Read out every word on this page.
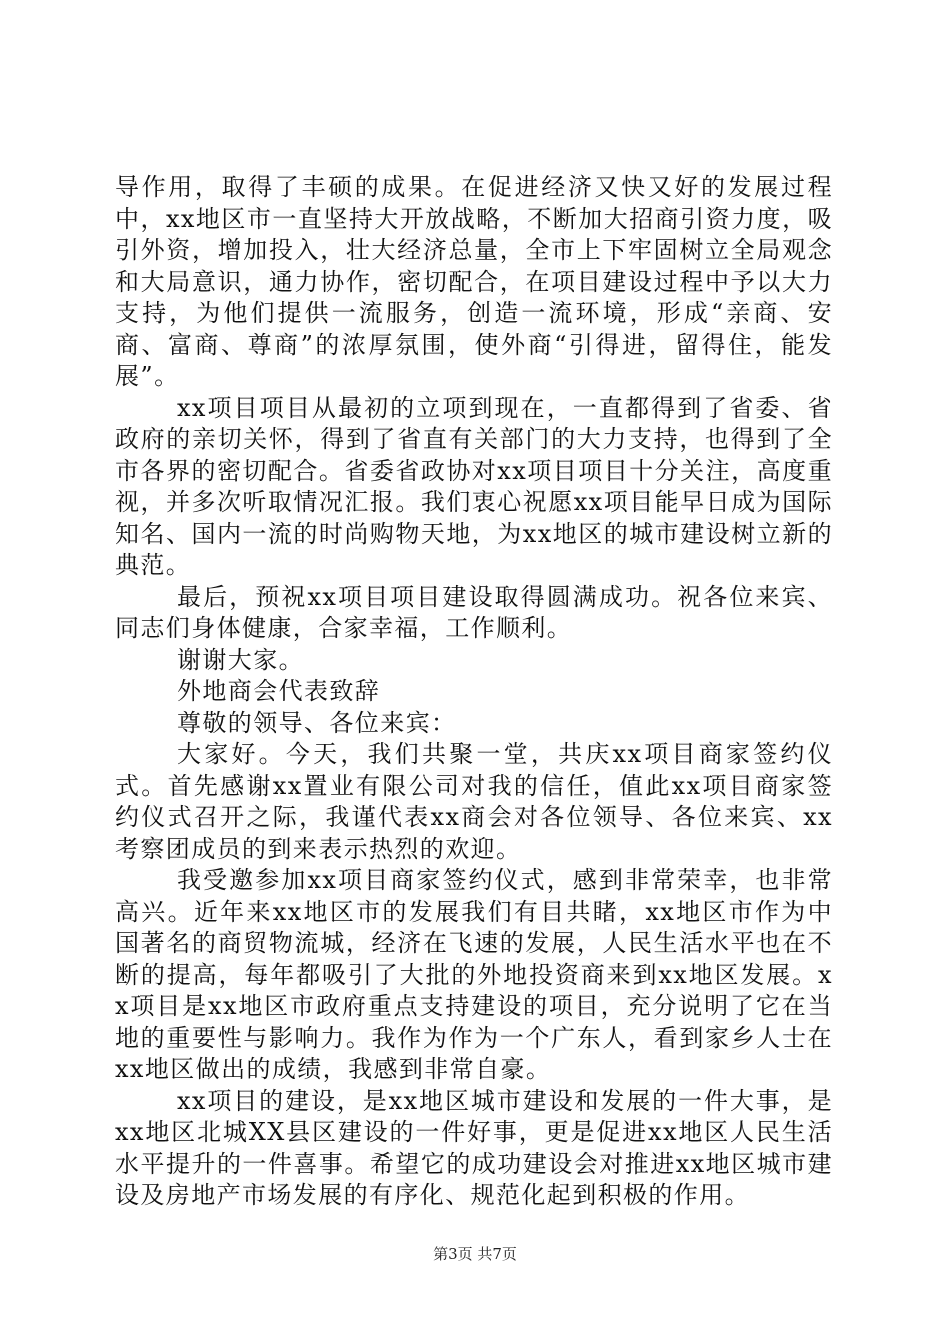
导作用，取得了丰硕的成果。在促进经济又快又好的发展过程中，xx地区市一直坚持大开放战略，不断加大招商引资力度，吸引外资，增加投入，壮大经济总量，全市上下牢固树立全局观念和大局意识，通力协作，密切配合，在项目建设过程中予以大力支持，为他们提供一流服务，创造一流环境，形成“亲商、安商、富商、尊商”的浓厚氛围，使外商“引得进，留得住，能发展”。

xx项目项目从最初的立项到现在，一直都得到了省委、省政府的亲切关怀，得到了省直有关部门的大力支持，也得到了全市各界的密切配合。省委省政协对xx项目项目十分关注，高度重视，并多次听取情况汇报。我们衷心祝愿xx项目能早日成为国际知名、国内一流的时尚购物天地，为xx地区的城市建设树立新的典范。

最后，预祝xx项目项目建设取得圆满成功。祝各位来宾、同志们身体健康，合家幸福，工作顺利。

谢谢大家。

外地商会代表致辞

尊敬的领导、各位来宾：

大家好。今天，我们共聚一堂，共庆xx项目商家签约仪式。首先感谢xx置业有限公司对我的信任，值此xx项目商家签约仪式召开之际，我谨代表xx商会对各位领导、各位来宾、xx考察团成员的到来表示热烈的欢迎。

我受邀参加xx项目商家签约仪式，感到非常荣幸，也非常高兴。近年来xx地区市的发展我们有目共睹，xx地区市作为中国著名的商贸物流城，经济在飞速的发展，人民生活水平也在不断的提高，每年都吸引了大批的外地投资商来到xx地区发展。xx项目是xx地区市政府重点支持建设的项目，充分说明了它在当地的重要性与影响力。我作为作为一个广东人，看到家乡人士在xx地区做出的成绩，我感到非常自豪。

xx项目的建设，是xx地区城市建设和发展的一件大事，是xx地区北城XX县区建设的一件好事，更是促进xx地区人民生活水平提升的一件喜事。希望它的成功建设会对推进xx地区城市建设及房地产市场发展的有序化、规范化起到积极的作用。

第3页 共7页
